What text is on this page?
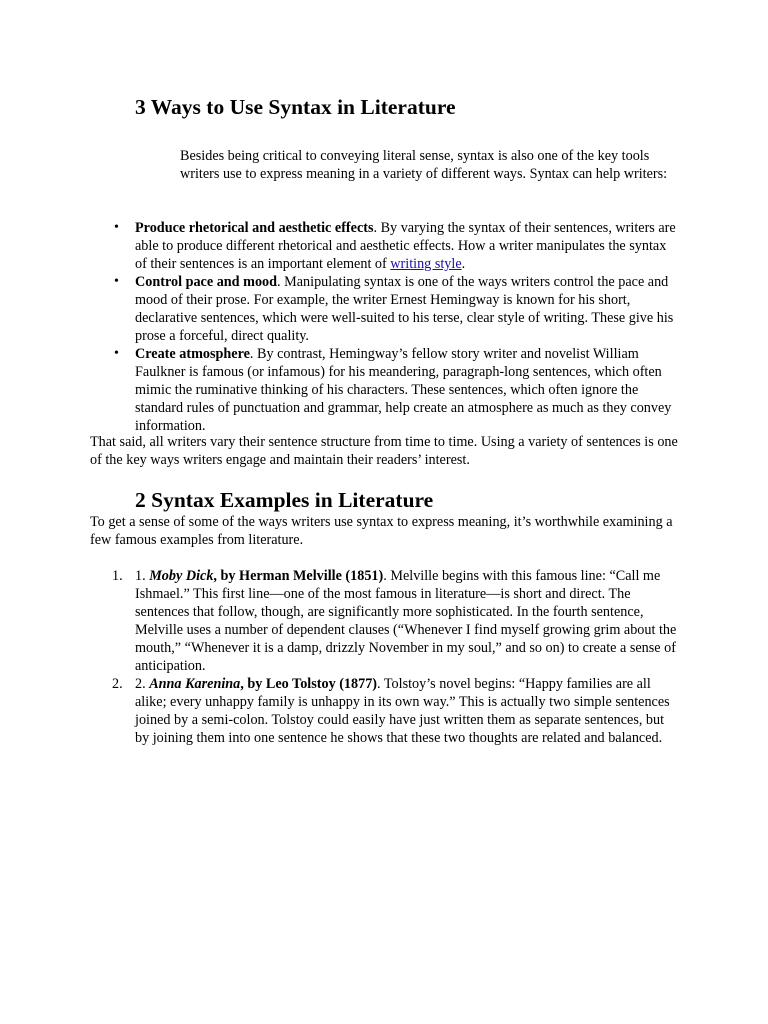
3 Ways to Use Syntax in Literature
Besides being critical to conveying literal sense, syntax is also one of the key tools writers use to express meaning in a variety of different ways. Syntax can help writers:
•	Produce rhetorical and aesthetic effects. By varying the syntax of their sentences, writers are able to produce different rhetorical and aesthetic effects. How a writer manipulates the syntax of their sentences is an important element of writing style.
•	Control pace and mood. Manipulating syntax is one of the ways writers control the pace and mood of their prose. For example, the writer Ernest Hemingway is known for his short, declarative sentences, which were well-suited to his terse, clear style of writing. These give his prose a forceful, direct quality.
•	Create atmosphere. By contrast, Hemingway’s fellow story writer and novelist William Faulkner is famous (or infamous) for his meandering, paragraph-long sentences, which often mimic the ruminative thinking of his characters. These sentences, which often ignore the standard rules of punctuation and grammar, help create an atmosphere as much as they convey information.
That said, all writers vary their sentence structure from time to time. Using a variety of sentences is one of the key ways writers engage and maintain their readers’ interest.
2 Syntax Examples in Literature
To get a sense of some of the ways writers use syntax to express meaning, it’s worthwhile examining a few famous examples from literature.
1. 1. Moby Dick, by Herman Melville (1851). Melville begins with this famous line: “Call me Ishmael.” This first line—one of the most famous in literature—is short and direct. The sentences that follow, though, are significantly more sophisticated. In the fourth sentence, Melville uses a number of dependent clauses (“Whenever I find myself growing grim about the mouth,” “Whenever it is a damp, drizzly November in my soul,” and so on) to create a sense of anticipation.
2. 2. Anna Karenina, by Leo Tolstoy (1877). Tolstoy’s novel begins: “Happy families are all alike; every unhappy family is unhappy in its own way.” This is actually two simple sentences joined by a semi-colon. Tolstoy could easily have just written them as separate sentences, but by joining them into one sentence he shows that these two thoughts are related and balanced.
